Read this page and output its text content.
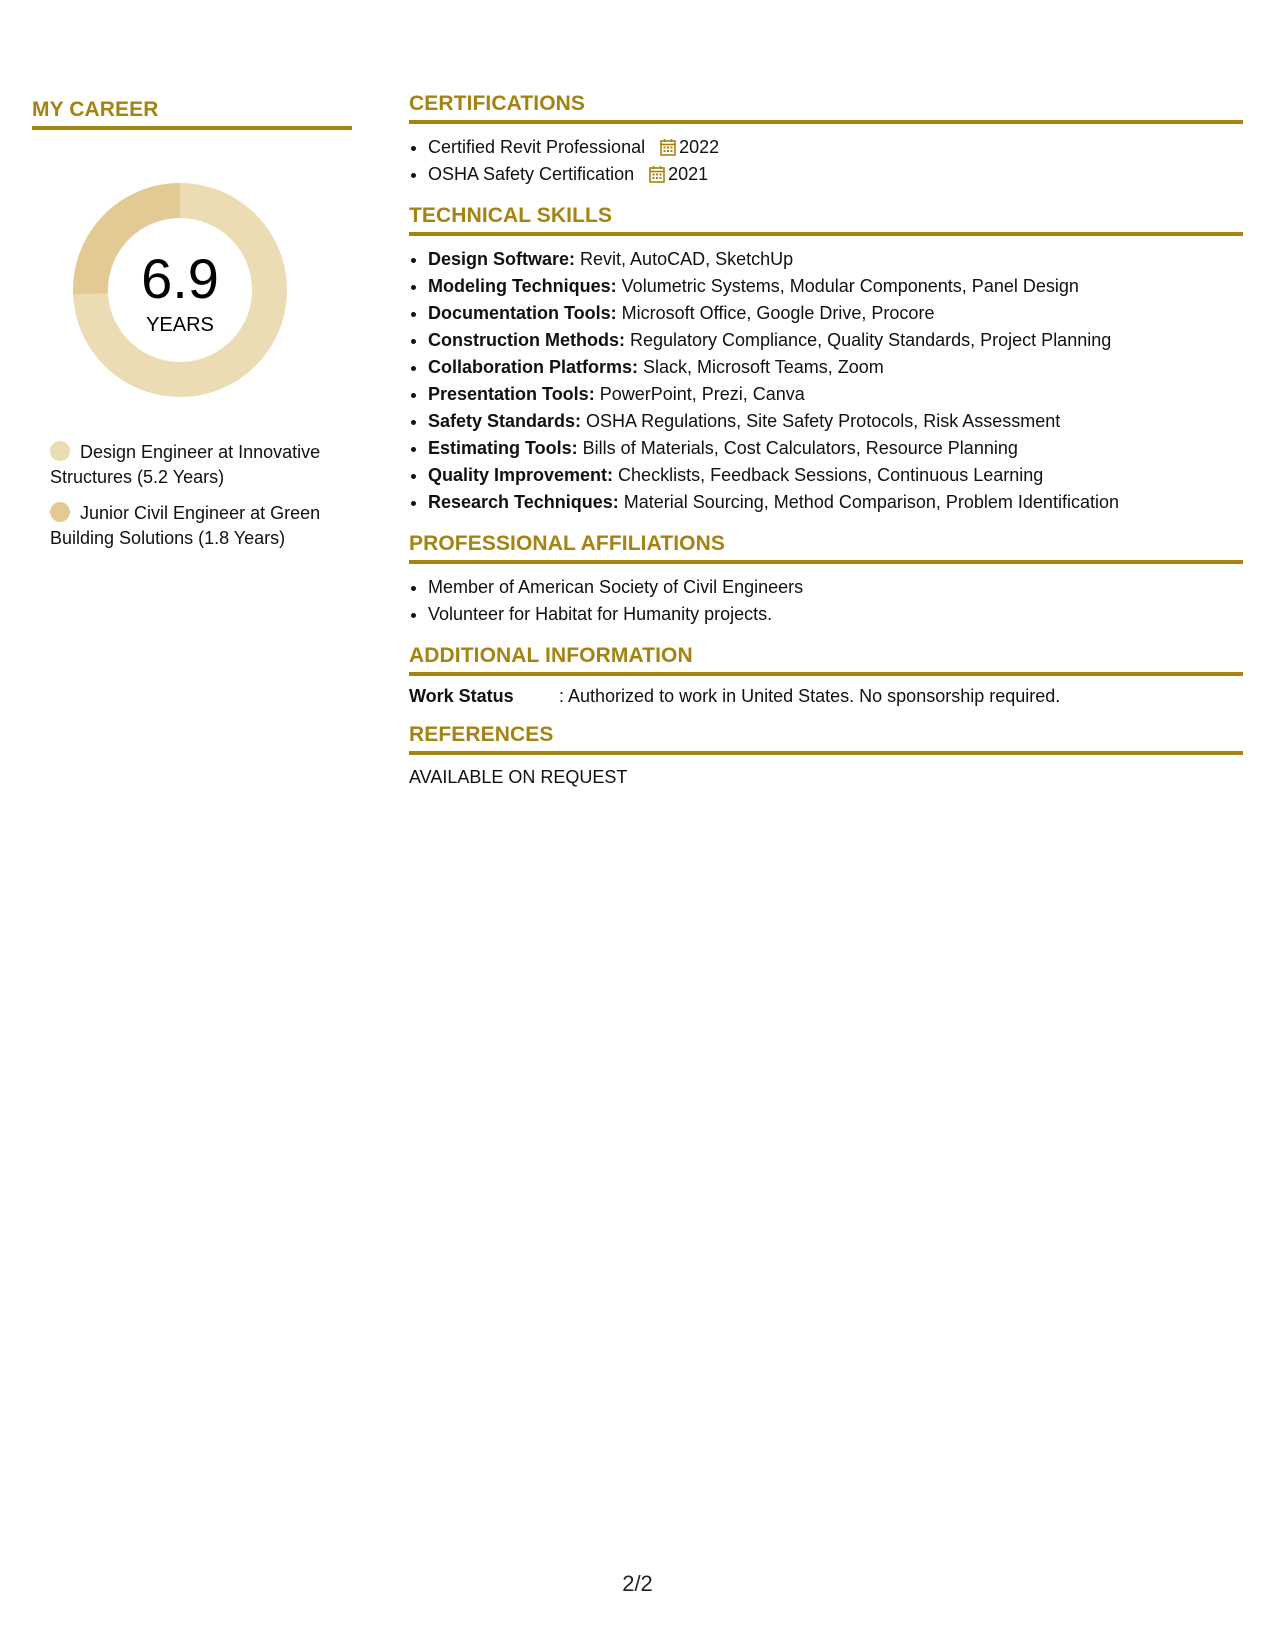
MY CAREER
6.9
YEARS
Design Engineer at Innovative Structures (5.2 Years)
Junior Civil Engineer at Green Building Solutions (1.8 Years)
CERTIFICATIONS
• Certified Revit Professional 2022
• OSHA Safety Certification 2021
TECHNICAL SKILLS
• Design Software: Revit, AutoCAD, SketchUp
• Modeling Techniques: Volumetric Systems, Modular Components, Panel Design
• Documentation Tools: Microsoft Office, Google Drive, Procore
• Construction Methods: Regulatory Compliance, Quality Standards, Project Planning
• Collaboration Platforms: Slack, Microsoft Teams, Zoom
• Presentation Tools: PowerPoint, Prezi, Canva
• Safety Standards: OSHA Regulations, Site Safety Protocols, Risk Assessment
• Estimating Tools: Bills of Materials, Cost Calculators, Resource Planning
• Quality Improvement: Checklists, Feedback Sessions, Continuous Learning
• Research Techniques: Material Sourcing, Method Comparison, Problem Identification
PROFESSIONAL AFFILIATIONS
• Member of American Society of Civil Engineers
• Volunteer for Habitat for Humanity projects.
ADDITIONAL INFORMATION
Work Status	: Authorized to work in United States. No sponsorship required.
REFERENCES
AVAILABLE ON REQUEST
2/2
